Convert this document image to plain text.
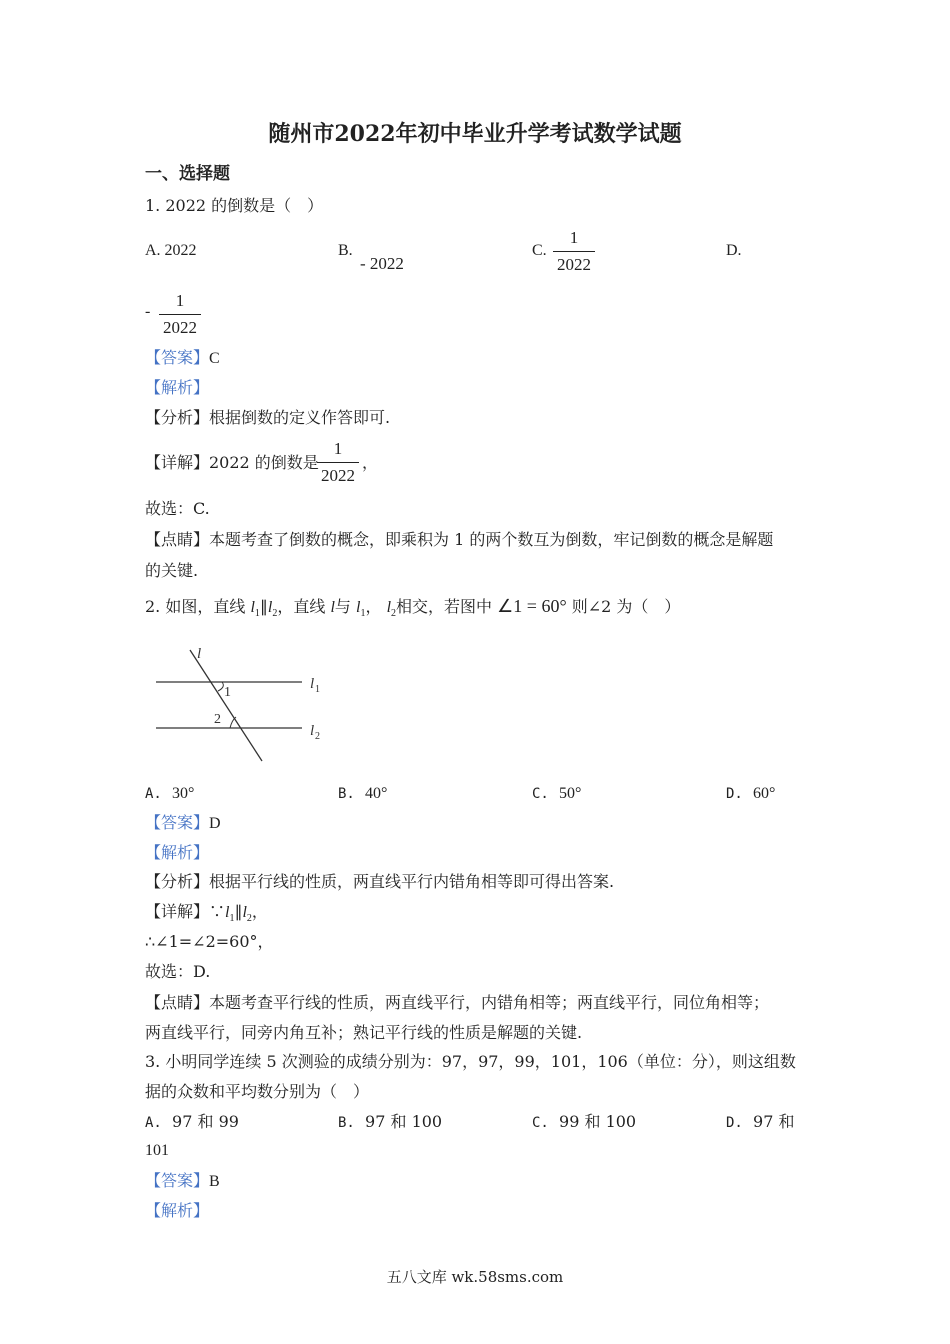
随州市2022年初中毕业升学考试数学试题
一、选择题
1. 2022 的倒数是（　）
A. 2022	B.
- 2022
C.
1
2022
D.
-
1
2022
【答案】C
【解析】
【分析】根据倒数的定义作答即可.
【详解】2022 的倒数是
1
2022
，
故选：C.
【点睛】本题考查了倒数的概念，即乘积为 1 的两个数互为倒数，牢记倒数的概念是解题
的关键.
2. 如图，直线 $l_1\parallel l_2$，直线 l与 $l_1$， $l_2$相交，若图中 ∠1 = 60° 则∠2 为（　）
l
1
2
l 1
l 2
A. 30°	B. 40°	C. 50°	D. 60°
【答案】D
【解析】
【分析】根据平行线的性质，两直线平行内错角相等即可得出答案.
【详解】$\because l_1\parallel l_2$，
∴∠1=∠2=60°，
故选：D.
【点睛】本题考查平行线的性质，两直线平行，内错角相等；两直线平行，同位角相等；
两直线平行，同旁内角互补；熟记平行线的性质是解题的关键.
3. 小明同学连续 5 次测验的成绩分别为：97，97，99，101，106（单位：分），则这组数
据的众数和平均数分别为（　）
A. 97 和 99	B. 97 和 100	C. 99 和 100	D. 97 和
101
【答案】B
【解析】
五八文库 wk.58sms.com
